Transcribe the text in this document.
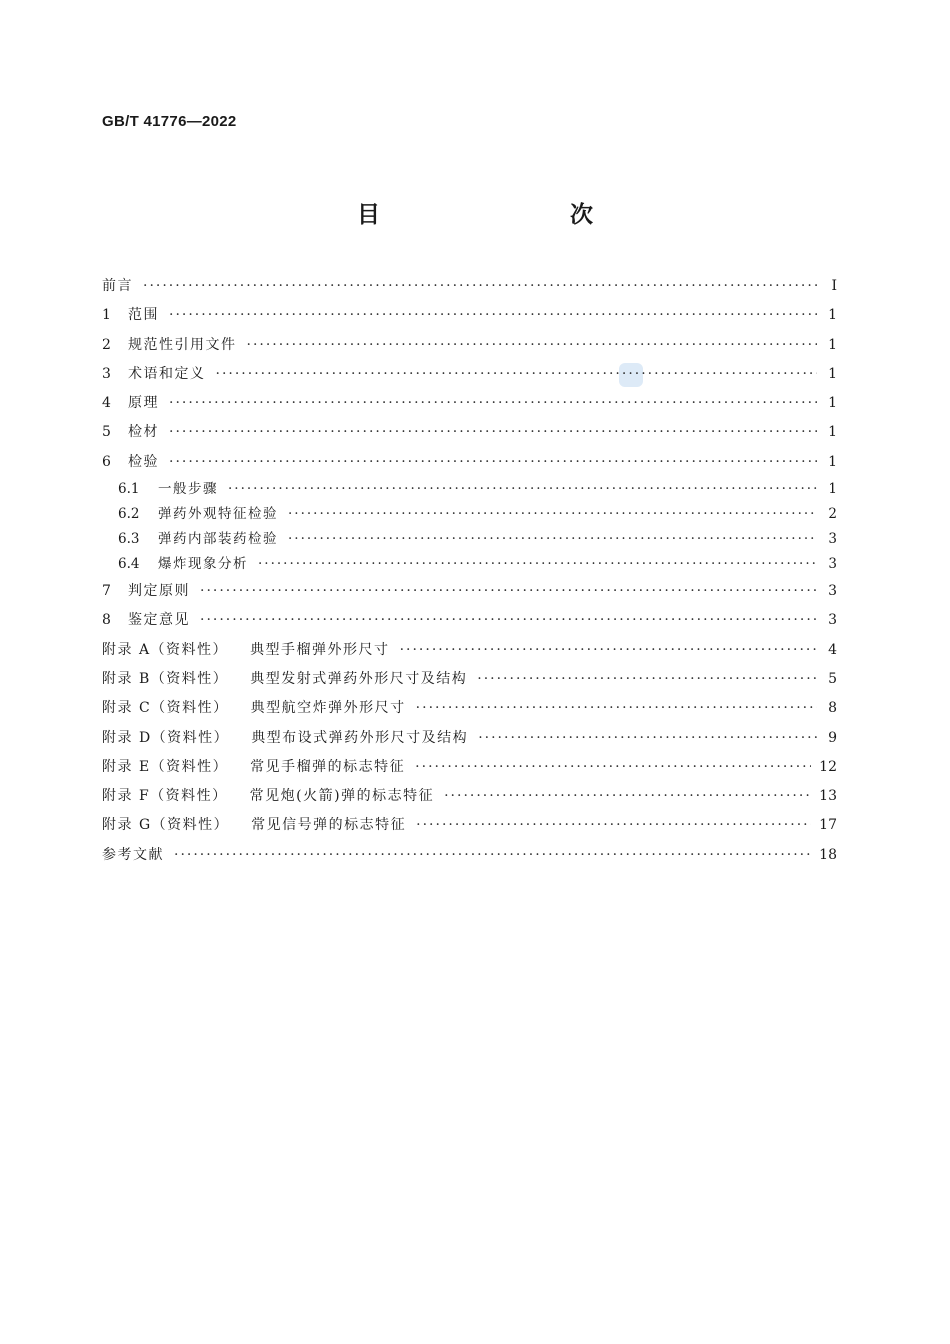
GB/T 41776—2022
目　　次
前言 ·····	I
1	范围 ·····	1
2	规范性引用文件 ·····	1
3	术语和定义 ·····	1
4	原理 ·····	1
5	检材 ·····	1
6	检验 ·····	1
6.1	一般步骤 ·····	1
6.2	弹药外观特征检验 ·····	2
6.3	弹药内部装药检验 ·····	3
6.4	爆炸现象分析 ·····	3
7	判定原则 ·····	3
8	鉴定意见 ·····	3
附录 A（资料性） 典型手榴弹外形尺寸 ·····	4
附录 B（资料性） 典型发射式弹药外形尺寸及结构 ·····	5
附录 C（资料性） 典型航空炸弹外形尺寸 ·····	8
附录 D（资料性） 典型布设式弹药外形尺寸及结构 ·····	9
附录 E（资料性） 常见手榴弹的标志特征 ·····	12
附录 F（资料性） 常见炮(火箭)弹的标志特征 ·····	13
附录 G（资料性） 常见信号弹的标志特征 ·····	17
参考文献 ·····	18
